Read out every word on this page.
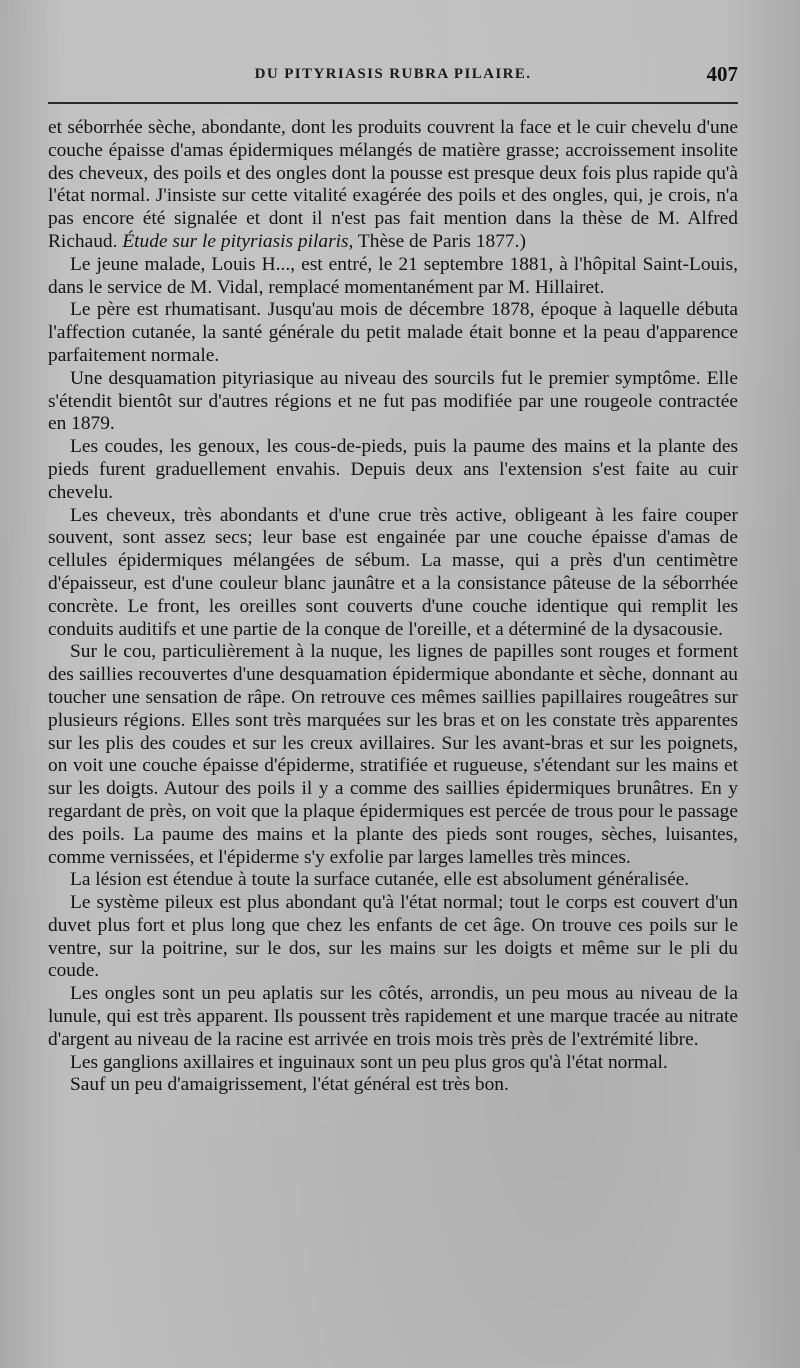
DU PITYRIASIS RUBRA PILAIRE.	407

et séborrhée sèche, abondante, dont les produits couvrent la face et le cuir chevelu d'une couche épaisse d'amas épidermiques mélangés de matière grasse; accroissement insolite des cheveux, des poils et des ongles dont la pousse est presque deux fois plus rapide qu'à l'état normal. J'insiste sur cette vitalité exagérée des poils et des ongles, qui, je crois, n'a pas encore été signalée et dont il n'est pas fait mention dans la thèse de M. Alfred Richaud. Étude sur le pityriasis pilaris, Thèse de Paris 1877.)

Le jeune malade, Louis H..., est entré, le 21 septembre 1881, à l'hôpital Saint-Louis, dans le service de M. Vidal, remplacé momentanément par M. Hillairet.

Le père est rhumatisant. Jusqu'au mois de décembre 1878, époque à laquelle débuta l'affection cutanée, la santé générale du petit malade était bonne et la peau d'apparence parfaitement normale.

Une desquamation pityriasique au niveau des sourcils fut le premier symptôme. Elle s'étendit bientôt sur d'autres régions et ne fut pas modifiée par une rougeole contractée en 1879.

Les coudes, les genoux, les cous-de-pieds, puis la paume des mains et la plante des pieds furent graduellement envahis. Depuis deux ans l'extension s'est faite au cuir chevelu.

Les cheveux, très abondants et d'une crue très active, obligeant à les faire couper souvent, sont assez secs; leur base est engainée par une couche épaisse d'amas de cellules épidermiques mélangées de sébum. La masse, qui a près d'un centimètre d'épaisseur, est d'une couleur blanc jaunâtre et a la consistance pâteuse de la séborrhée concrète. Le front, les oreilles sont couverts d'une couche identique qui remplit les conduits auditifs et une partie de la conque de l'oreille, et a déterminé de la dysacousie.

Sur le cou, particulièrement à la nuque, les lignes de papilles sont rouges et forment des saillies recouvertes d'une desquamation épidermique abondante et sèche, donnant au toucher une sensation de râpe. On retrouve ces mêmes saillies papillaires rougeâtres sur plusieurs régions. Elles sont très marquées sur les bras et on les constate très apparentes sur les plis des coudes et sur les creux avillaires. Sur les avant-bras et sur les poignets, on voit une couche épaisse d'épiderme, stratifiée et rugueuse, s'étendant sur les mains et sur les doigts. Autour des poils il y a comme des saillies épidermiques brunâtres. En y regardant de près, on voit que la plaque épidermiques est percée de trous pour le passage des poils. La paume des mains et la plante des pieds sont rouges, sèches, luisantes, comme vernissées, et l'épiderme s'y exfolie par larges lamelles très minces.

La lésion est étendue à toute la surface cutanée, elle est absolument généralisée.

Le système pileux est plus abondant qu'à l'état normal; tout le corps est couvert d'un duvet plus fort et plus long que chez les enfants de cet âge. On trouve ces poils sur le ventre, sur la poitrine, sur le dos, sur les mains sur les doigts et même sur le pli du coude.

Les ongles sont un peu aplatis sur les côtés, arrondis, un peu mous au niveau de la lunule, qui est très apparent. Ils poussent très rapidement et une marque tracée au nitrate d'argent au niveau de la racine est arrivée en trois mois très près de l'extrémité libre.

Les ganglions axillaires et inguinaux sont un peu plus gros qu'à l'état normal.

Sauf un peu d'amaigrissement, l'état général est très bon.
